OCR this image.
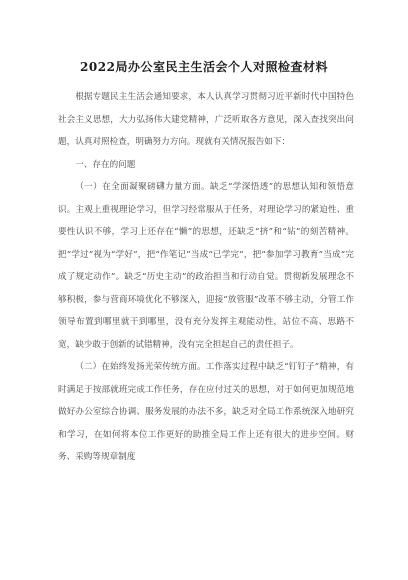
2022局办公室民主生活会个人对照检查材料

根据专题民主生活会通知要求，本人认真学习贯彻习近平新时代中国特色社会主义思想，大力弘扬伟大建党精神，广泛听取各方意见，深入查找突出问题，认真对照检查，明确努力方向。现就有关情况报告如下：

一、存在的问题

（一）在全面凝聚磅礴力量方面。缺乏“学深悟透”的思想认知和领悟意识。主观上重视理论学习，但学习经常服从于任务，对理论学习的紧迫性、重要性认识不够，学习上还存在“懒”的思想，还缺乏“挤”和“钻”的刻苦精神。把“学过”视为“学好”，把“作笔记”当成“已学完”，把“参加学习教育”当成“完成了规定动作”。缺乏“历史主动”的政治担当和行动自觉。贯彻新发展理念不够积极，参与营商环境优化不够深入，迎接“放管服”改革不够主动，分管工作领导布置到哪里就干到哪里，没有充分发挥主观能动性，站位不高、思路不宽，缺少敢于创新的试错精神，没有完全担起自己的责任担子。

（二）在始终发扬光荣传统方面。工作落实过程中缺乏“钉钉子”精神，有时满足于按部就班完成工作任务，存在应付过关的思想，对于如何更加规范地做好办公室综合协调、服务发展的办法不多，缺乏对全局工作系统深入地研究和学习，在如何将本位工作更好的助推全局工作上还有很大的进步空间。财务、采购等规章制度
